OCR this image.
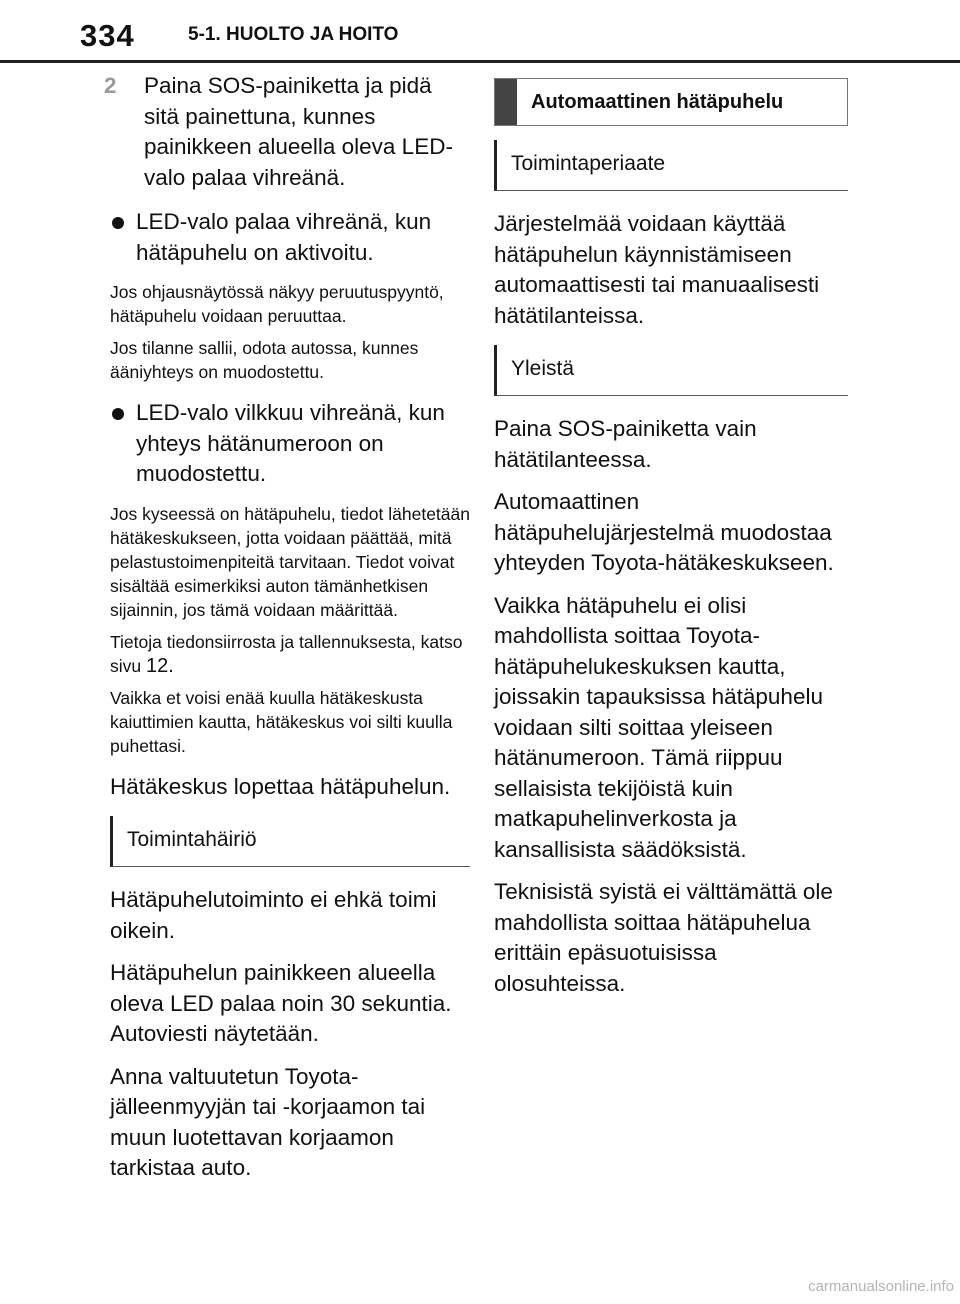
334	5-1. HUOLTO JA HOITO
2 Paina SOS-painiketta ja pidä sitä painettuna, kunnes painikkeen alueella oleva LED-valo palaa vihreänä.
LED-valo palaa vihreänä, kun hätäpuhelu on aktivoitu.

Jos ohjausnäytössä näkyy peruutuspyyntö, hätäpuhelu voidaan peruuttaa.

Jos tilanne sallii, odota autossa, kunnes ääniyhteys on muodostettu.

LED-valo vilkkuu vihreänä, kun yhteys hätänumeroon on muodostettu.

Jos kyseessä on hätäpuhelu, tiedot lähetetään hätäkeskukseen, jotta voidaan päättää, mitä pelastustoimenpiteitä tarvitaan. Tiedot voivat sisältää esimerkiksi auton tämänhetkisen sijainnin, jos tämä voidaan määrittää.

Tietoja tiedonsiirrosta ja tallennuksesta, katso sivu 12.

Vaikka et voisi enää kuulla hätäkeskusta kaiuttimien kautta, hätäkeskus voi silti kuulla puhettasi.

Hätäkeskus lopettaa hätäpuhelun.

Toimintahäiriö

Hätäpuhelutoiminto ei ehkä toimi oikein.

Hätäpuhelun painikkeen alueella oleva LED palaa noin 30 sekuntia. Autoviesti näytetään.

Anna valtuutetun Toyota-jälleenmyyjän tai -korjaamon tai muun luotettavan korjaamon tarkistaa auto.

Automaattinen hätäpuhelu
Toimintaperiaate

Järjestelmää voidaan käyttää hätäpuhelun käynnistämiseen automaattisesti tai manuaalisesti hätätilanteissa.

Yleistä

Paina SOS-painiketta vain hätätilanteessa.

Automaattinen hätäpuhelujärjestelmä muodostaa yhteyden Toyota-hätäkeskukseen.

Vaikka hätäpuhelu ei olisi mahdollista soittaa Toyota-hätäpuhelukeskuksen kautta, joissakin tapauksissa hätäpuhelu voidaan silti soittaa yleiseen hätänumeroon. Tämä riippuu sellaisista tekijöistä kuin matkapuhelinverkosta ja kansallisista säädöksistä.

Teknisistä syistä ei välttämättä ole mahdollista soittaa hätäpuhelua erittäin epäsuotuisissa olosuhteissa.

carmanualsonline.info
